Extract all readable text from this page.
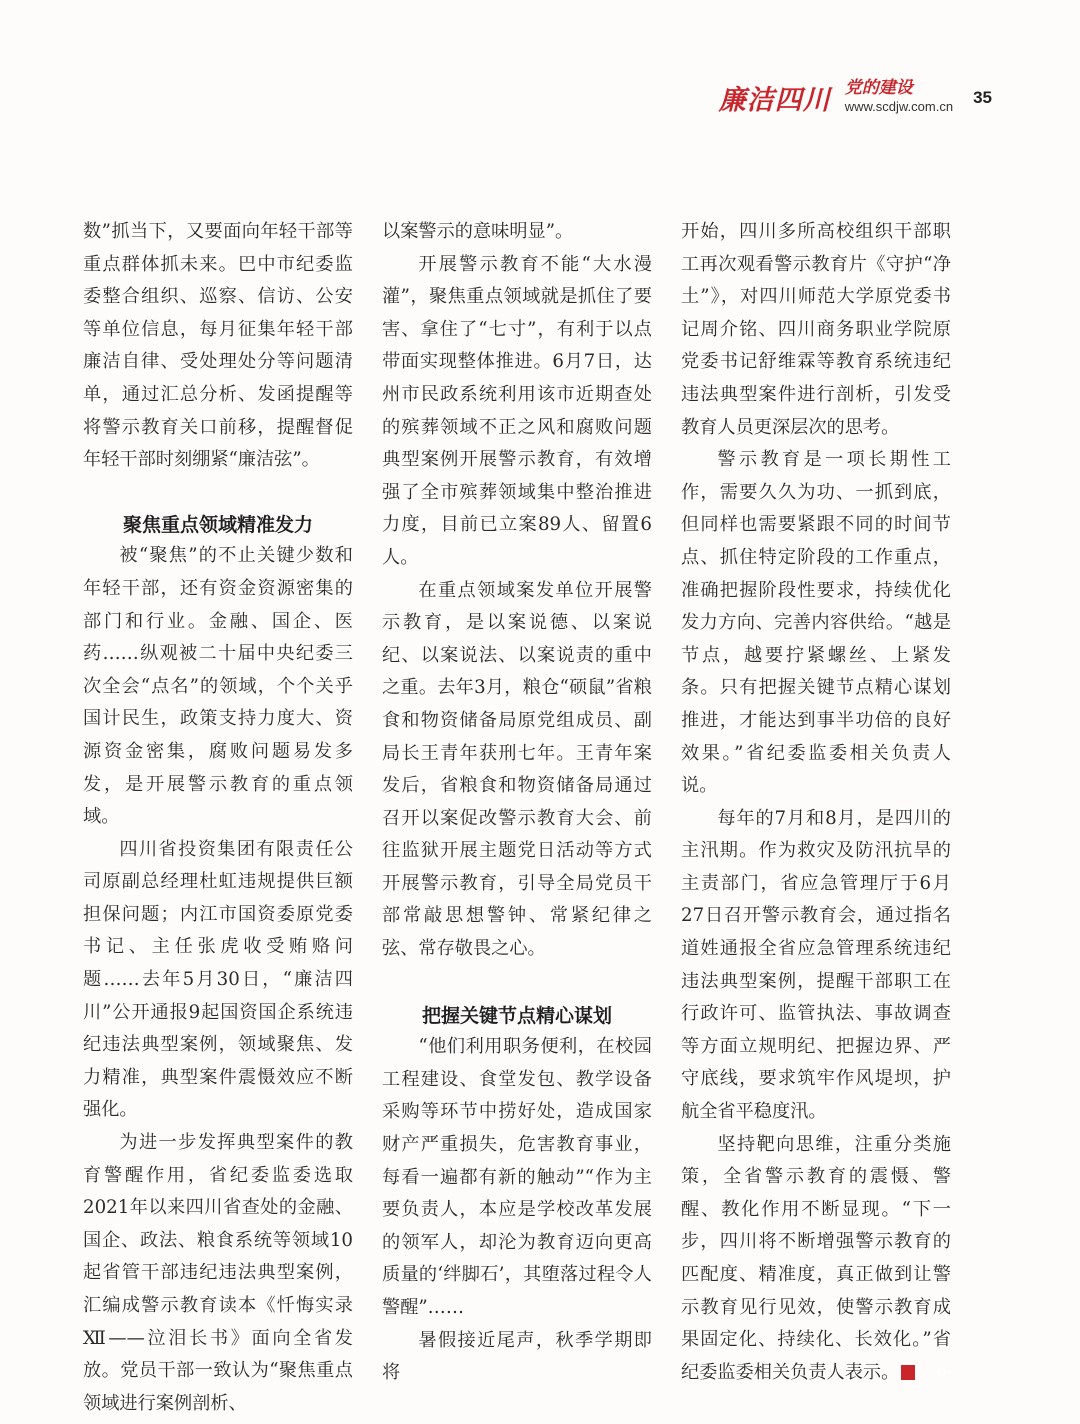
廉洁四川 党的建设
www.scdjw.com.cn 35

数”抓当下，又要面向年轻干部等重点群体抓未来。巴中市纪委监委整合组织、巡察、信访、公安等单位信息，每月征集年轻干部廉洁自律、受处理处分等问题清单，通过汇总分析、发函提醒等将警示教育关口前移，提醒督促年轻干部时刻绷紧“廉洁弦”。

聚焦重点领域精准发力

被“聚焦”的不止关键少数和年轻干部，还有资金资源密集的部门和行业。金融、国企、医药……纵观被二十届中央纪委三次全会“点名”的领域，个个关乎国计民生，政策支持力度大、资源资金密集，腐败问题易发多发，是开展警示教育的重点领域。

四川省投资集团有限责任公司原副总经理杜虹违规提供巨额担保问题；内江市国资委原党委书记、主任张虎收受贿赂问题……去年5月30日，“廉洁四川”公开通报9起国资国企系统违纪违法典型案例，领域聚焦、发力精准，典型案件震慑效应不断强化。

为进一步发挥典型案件的教育警醒作用，省纪委监委选取2021年以来四川省查处的金融、国企、政法、粮食系统等领域10起省管干部违纪违法典型案例，汇编成警示教育读本《忏悔实录Ⅻ——泣泪长书》面向全省发放。党员干部一致认为“聚焦重点领域进行案例剖析、

以案警示的意味明显”。

开展警示教育不能“大水漫灌”，聚焦重点领域就是抓住了要害、拿住了“七寸”，有利于以点带面实现整体推进。6月7日，达州市民政系统利用该市近期查处的殡葬领域不正之风和腐败问题典型案例开展警示教育，有效增强了全市殡葬领域集中整治推进力度，目前已立案89人、留置6人。

在重点领域案发单位开展警示教育，是以案说德、以案说纪、以案说法、以案说责的重中之重。去年3月，粮仓“硕鼠”省粮食和物资储备局原党组成员、副局长王青年获刑七年。王青年案发后，省粮食和物资储备局通过召开以案促改警示教育大会、前往监狱开展主题党日活动等方式开展警示教育，引导全局党员干部常敲思想警钟、常紧纪律之弦、常存敬畏之心。

把握关键节点精心谋划

“他们利用职务便利，在校园工程建设、食堂发包、教学设备采购等环节中捞好处，造成国家财产严重损失，危害教育事业，每看一遍都有新的触动”“作为主要负责人，本应是学校改革发展的领军人，却沦为教育迈向更高质量的‘绊脚石’，其堕落过程令人警醒”……

暑假接近尾声，秋季学期即将

开始，四川多所高校组织干部职工再次观看警示教育片《守护“净土”》，对四川师范大学原党委书记周介铭、四川商务职业学院原党委书记舒维霖等教育系统违纪违法典型案件进行剖析，引发受教育人员更深层次的思考。

警示教育是一项长期性工作，需要久久为功、一抓到底，但同样也需要紧跟不同的时间节点、抓住特定阶段的工作重点，准确把握阶段性要求，持续优化发力方向、完善内容供给。“越是节点，越要拧紧螺丝、上紧发条。只有把握关键节点精心谋划推进，才能达到事半功倍的良好效果。”省纪委监委相关负责人说。

每年的7月和8月，是四川的主汛期。作为救灾及防汛抗旱的主责部门，省应急管理厅于6月27日召开警示教育会，通过指名道姓通报全省应急管理系统违纪违法典型案例，提醒干部职工在行政许可、监管执法、事故调查等方面立规明纪、把握边界、严守底线，要求筑牢作风堤坝，护航全省平稳度汛。

坚持靶向思维，注重分类施策，全省警示教育的震慑、警醒、教化作用不断显现。“下一步，四川将不断增强警示教育的匹配度、精准度，真正做到让警示教育见行见效，使警示教育成果固定化、持续化、长效化。”省纪委监委相关负责人表示。	D
